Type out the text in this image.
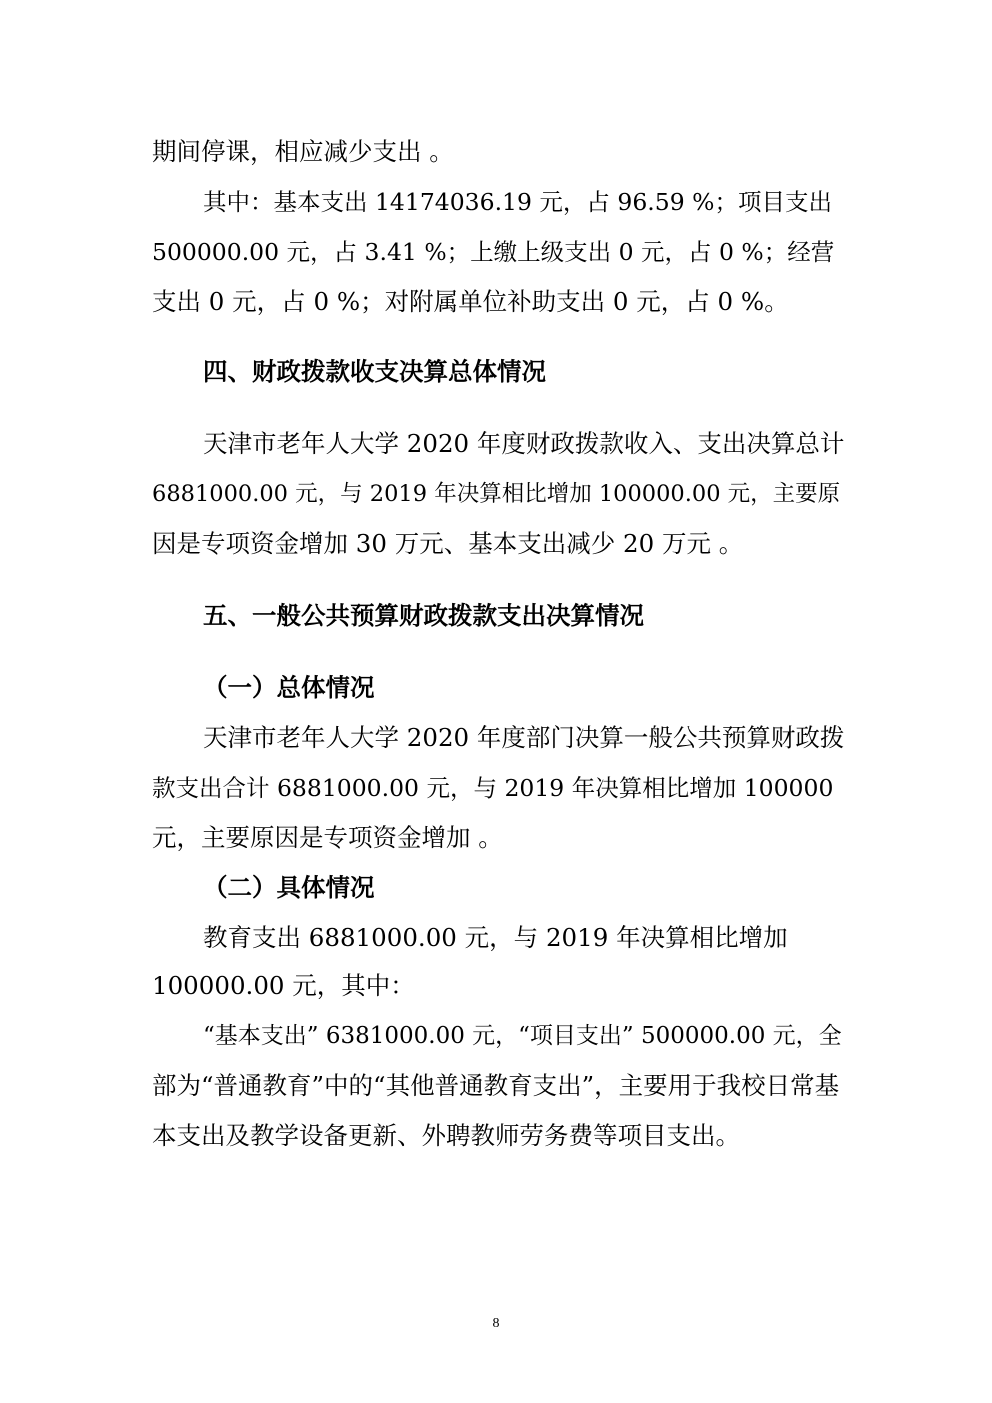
期间停课，相应减少支出 。
其中：基本支出 14174036.19 元，占 96.59 %；项目支出
500000.00 元，占 3.41 %；上缴上级支出 0 元，占 0 %；经营
支出 0 元，占 0 %；对附属单位补助支出 0 元，占 0 %。
四、财政拨款收支决算总体情况
天津市老年人大学 2020 年度财政拨款收入、支出决算总计
6881000.00 元，与 2019 年决算相比增加 100000.00 元，主要原
因是专项资金增加 30 万元、基本支出减少 20 万元 。
五、一般公共预算财政拨款支出决算情况
（一）总体情况
天津市老年人大学 2020 年度部门决算一般公共预算财政拨
款支出合计 6881000.00 元，与 2019 年决算相比增加 100000
元，主要原因是专项资金增加 。
（二）具体情况
教育支出 6881000.00 元，与 2019 年决算相比增加
100000.00 元，其中：
“基本支出” 6381000.00 元，“项目支出” 500000.00 元，全
部为“普通教育”中的“其他普通教育支出”，主要用于我校日常基
本支出及教学设备更新、外聘教师劳务费等项目支出。
8
